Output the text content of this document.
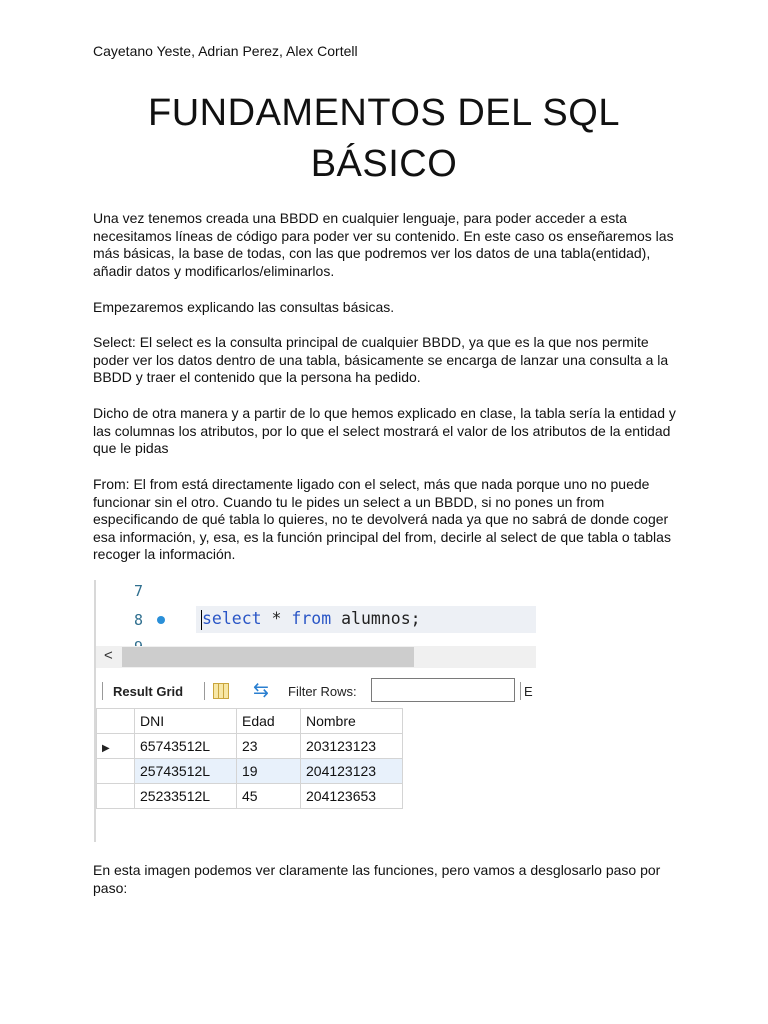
Cayetano Yeste, Adrian Perez, Alex Cortell
FUNDAMENTOS DEL SQL BÁSICO

Una vez tenemos creada una BBDD en cualquier lenguaje, para poder acceder a esta necesitamos líneas de código para poder ver su contenido. En este caso os enseñaremos las más básicas, la base de todas, con las que podremos ver los datos de una tabla(entidad), añadir datos y modificarlos/eliminarlos.

Empezaremos explicando las consultas básicas.

Select: El select es la consulta principal de cualquier BBDD, ya que es la que nos permite poder ver los datos dentro de una tabla, básicamente se encarga de lanzar una consulta a la BBDD y traer el contenido que la persona ha pedido.

Dicho de otra manera y a partir de lo que hemos explicado en clase, la tabla sería la entidad y las columnas los atributos, por lo que el select mostrará el valor de los atributos de la entidad que le pidas

From: El from está directamente ligado con el select, más que nada porque uno no puede funcionar sin el otro. Cuando tu le pides un select a un BBDD, si no pones un from especificando de qué tabla lo quieres, no te devolverá nada ya que no sabrá de donde coger esa información, y, esa, es la función principal del from, decirle al select de que tabla o tablas recoger la información.

7
8	select * from alumnos;
<
Result Grid	⇆ Filter Rows:	E
	DNI	Edad	Nombre
▶	65743512L	23	203123123
	25743512L	19	204123123
	25233512L	45	204123653

En esta imagen podemos ver claramente las funciones, pero vamos a desglosarlo paso por paso:
